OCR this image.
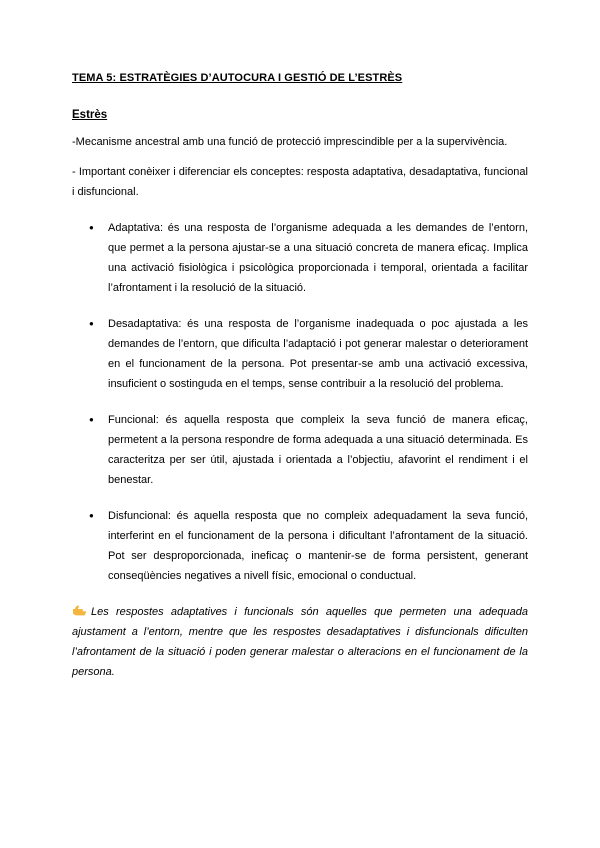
TEMA 5: ESTRATÈGIES D’AUTOCURA I GESTIÓ DE L’ESTRÈS

Estrès

-Mecanisme ancestral amb una funció de protecció imprescindible per a la supervivència.

- Important conèixer i diferenciar els conceptes: resposta adaptativa, desadaptativa, funcional i disfuncional.

● Adaptativa: és una resposta de l’organisme adequada a les demandes de l’entorn, que permet a la persona ajustar-se a una situació concreta de manera eficaç. Implica una activació fisiològica i psicològica proporcionada i temporal, orientada a facilitar l’afrontament i la resolució de la situació.
● Desadaptativa: és una resposta de l’organisme inadequada o poc ajustada a les demandes de l’entorn, que dificulta l’adaptació i pot generar malestar o deteriorament en el funcionament de la persona. Pot presentar-se amb una activació excessiva, insuficient o sostinguda en el temps, sense contribuir a la resolució del problema.
● Funcional: és aquella resposta que compleix la seva funció de manera eficaç, permetent a la persona respondre de forma adequada a una situació determinada. Es caracteritza per ser útil, ajustada i orientada a l’objectiu, afavorint el rendiment i el benestar.
● Disfuncional: és aquella resposta que no compleix adequadament la seva funció, interferint en el funcionament de la persona i dificultant l’afrontament de la situació. Pot ser desproporcionada, ineficaç o mantenir-se de forma persistent, generant conseqüències negatives a nivell físic, emocional o conductual.

Les respostes adaptatives i funcionals són aquelles que permeten una adequada ajustament a l’entorn, mentre que les respostes desadaptatives i disfuncionals dificulten l’afrontament de la situació i poden generar malestar o alteracions en el funcionament de la persona.
